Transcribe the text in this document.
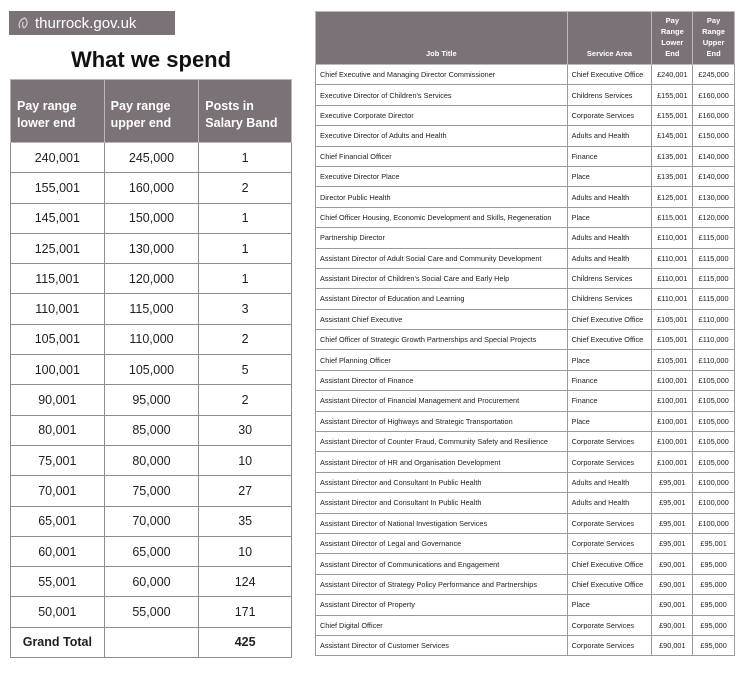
thurrock.gov.uk
What we spend
Pay range lower end	Pay range upper end	Posts in Salary Band
240,001	245,000	1
155,001	160,000	2
145,001	150,000	1
125,001	130,000	1
115,001	120,000	1
110,001	115,000	3
105,001	110,000	2
100,001	105,000	5
90,001	95,000	2
80,001	85,000	30
75,001	80,000	10
70,001	75,000	27
65,001	70,000	35
60,001	65,000	10
55,001	60,000	124
50,001	55,000	171
Grand Total		425
Job Title	Service Area	Pay Range Lower End	Pay Range Upper End
Chief Executive and Managing Director Commissioner	Chief Executive Office	£240,001	£245,000
Executive Director of Children's Services	Childrens Services	£155,001	£160,000
Executive Corporate Director	Corporate Services	£155,001	£160,000
Executive Director of Adults and Health	Adults and Health	£145,001	£150,000
Chief Financial Officer	Finance	£135,001	£140,000
Executive Director Place	Place	£135,001	£140,000
Director Public Health	Adults and Health	£125,001	£130,000
Chief Officer Housing, Economic Development and Skills, Regeneration	Place	£115,001	£120,000
Partnership Director	Adults and Health	£110,001	£115,000
Assistant Director of Adult Social Care and Community Development	Adults and Health	£110,001	£115,000
Assistant Director of Children's Social Care and Early Help	Childrens Services	£110,001	£115,000
Assistant Director of Education and Learning	Childrens Services	£110,001	£115,000
Assistant Chief Executive	Chief Executive Office	£105,001	£110,000
Chief Officer of Strategic Growth Partnerships and Special Projects	Chief Executive Office	£105,001	£110,000
Chief Planning Officer	Place	£105,001	£110,000
Assistant Director of Finance	Finance	£100,001	£105,000
Assistant Director of Financial Management and Procurement	Finance	£100,001	£105,000
Assistant Director of Highways and Strategic Transportation	Place	£100,001	£105,000
Assistant Director of Counter Fraud, Community Safety and Resilience	Corporate Services	£100,001	£105,000
Assistant Director of HR and Organisation Development	Corporate Services	£100,001	£105,000
Assistant Director and Consultant In Public Health	Adults and Health	£95,001	£100,000
Assistant Director and Consultant In Public Health	Adults and Health	£95,001	£100,000
Assistant Director of National Investigation Services	Corporate Services	£95,001	£100,000
Assistant Director of Legal and Governance	Corporate Services	£95,001	£95,001
Assistant Director of Communications and Engagement	Chief Executive Office	£90,001	£95,000
Assistant Director of Strategy Policy Performance and Partnerships	Chief Executive Office	£90,001	£95,000
Assistant Director of Property	Place	£90,001	£95,000
Chief Digital Officer	Corporate Services	£90,001	£95,000
Assistant Director of Customer Services	Corporate Services	£90,001	£95,000
